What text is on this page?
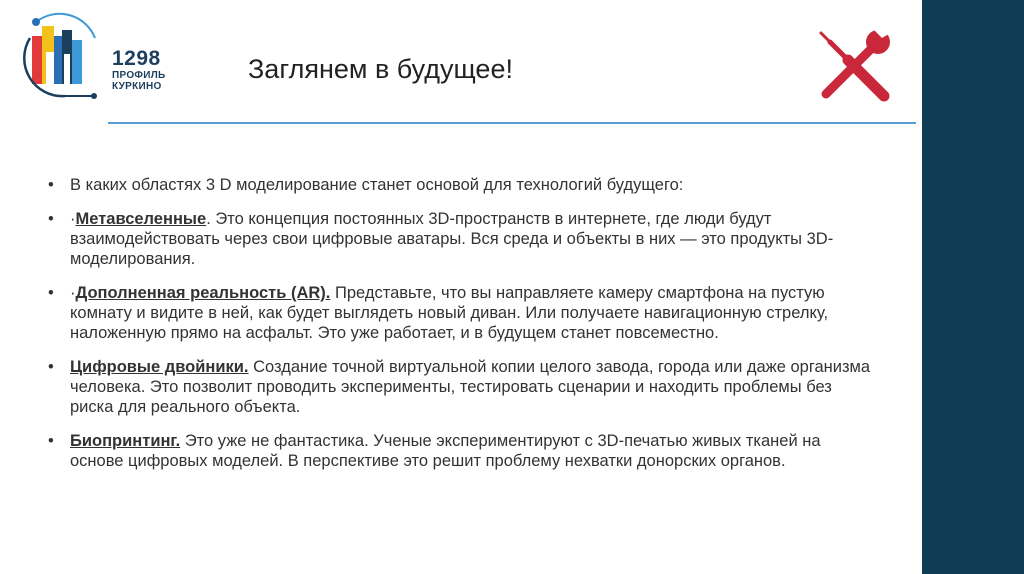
1298
ПРОФИЛЬ
КУРКИНО
Заглянем в будущее!
• В каких областях 3 D моделирование станет основой для технологий будущего:
• ·Метавселенные. Это концепция постоянных 3D-пространств в интернете, где люди будут взаимодействовать через свои цифровые аватары. Вся среда и объекты в них — это продукты 3D-моделирования.
• ·Дополненная реальность (AR). Представьте, что вы направляете камеру смартфона на пустую комнату и видите в ней, как будет выглядеть новый диван. Или получаете навигационную стрелку, наложенную прямо на асфальт. Это уже работает, и в будущем станет повсеместно.
• Цифровые двойники. Создание точной виртуальной копии целого завода, города или даже организма человека. Это позволит проводить эксперименты, тестировать сценарии и находить проблемы без риска для реального объекта.
• Биопринтинг. Это уже не фантастика. Ученые экспериментируют с 3D-печатью живых тканей на основе цифровых моделей. В перспективе это решит проблему нехватки донорских органов.
